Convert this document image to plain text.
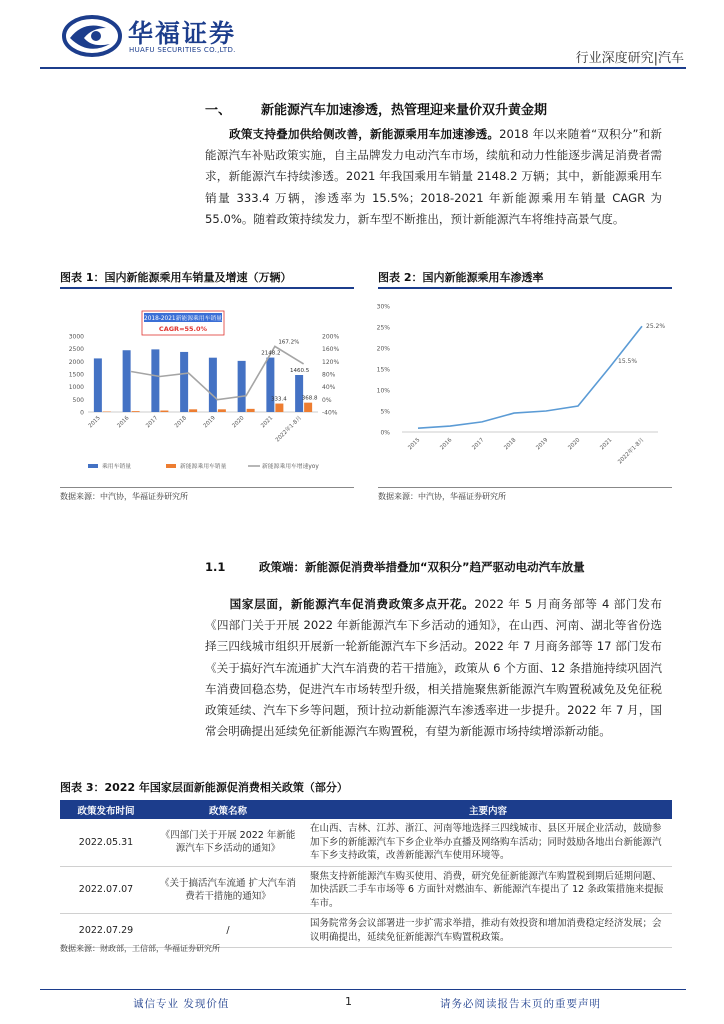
华福证券
HUAFU SECURITIES CO.,LTD.
行业深度研究|汽车
一、 新能源汽车加速渗透，热管理迎来量价双升黄金期
政策支持叠加供给侧改善，新能源乘用车加速渗透。2018 年以来随着“双积分”和新能源汽车补贴政策实施，自主品牌发力电动汽车市场，续航和动力性能逐步满足消费者需求，新能源汽车持续渗透。2021 年我国乘用车销量 2148.2 万辆；其中，新能源乘用车销量 333.4 万辆，渗透率为 15.5%；2018-2021 年新能源乘用车销量 CAGR 为 55.0%。随着政策持续发力，新车型不断推出，预计新能源汽车将维持高景气度。
图表 1：国内新能源乘用车销量及增速（万辆）
0
500
1000
1500
2000
2500
3000
-40%
0%
40%
80%
120%
160%
200%
2015	2016	2017	2018	2019	2020	2021 2022年1-8月
2018-2021新能源乘用车销量
CAGR=55.0%
2148.2
333.4
1460.5
368.8
167.2%
乘用车销量	新能源乘用车销量	新能源乘用车增速yoy
数据来源：中汽协，华福证券研究所
图表 2：国内新能源乘用车渗透率
0%
5%
10%
15%
20%
25%
30%
2015	2016	2017	2018	2019	2020	2021 2022年1-8月
15.5%
25.2%
数据来源：中汽协，华福证券研究所
1.1	政策端：新能源促消费举措叠加“双积分”趋严驱动电动汽车放量
国家层面，新能源汽车促消费政策多点开花。2022 年 5 月商务部等 4 部门发布《四部门关于开展 2022 年新能源汽车下乡活动的通知》，在山西、河南、湖北等省份选择三四线城市组织开展新一轮新能源汽车下乡活动。2022 年 7 月商务部等 17 部门发布《关于搞好汽车流通扩大汽车消费的若干措施》，政策从 6 个方面、12 条措施持续巩固汽车消费回稳态势，促进汽车市场转型升级，相关措施聚焦新能源汽车购置税减免及免征税政策延续、汽车下乡等问题，预计拉动新能源汽车渗透率进一步提升。2022 年 7 月，国常会明确提出延续免征新能源汽车购置税，有望为新能源市场持续增添新动能。
图表 3：2022 年国家层面新能源促消费相关政策（部分）
政策发布时间	政策名称	主要内容
2022.05.31	《四部门关于开展 2022 年新能源汽车下乡活动的通知》	在山西、吉林、江苏、浙江、河南等地选择三四线城市、县区开展企业活动，鼓励参加下乡的新能源汽车下乡企业举办直播及网络购车活动；同时鼓励各地出台新能源汽车下乡支持政策，改善新能源汽车使用环境等。
2022.07.07	《关于搞活汽车流通 扩大汽车消费若干措施的通知》	聚焦支持新能源汽车购买使用、消费，研究免征新能源汽车购置税到期后延期问题、加快活跃二手车市场等 6 方面针对燃油车、新能源汽车提出了 12 条政策措施来提振车市。
2022.07.29	/	国务院常务会议部署进一步扩需求举措，推动有效投资和增加消费稳定经济发展；会议明确提出，延续免征新能源汽车购置税政策。
数据来源：财政部，工信部，华福证券研究所
诚信专业 发现价值	1	请务必阅读报告末页的重要声明
